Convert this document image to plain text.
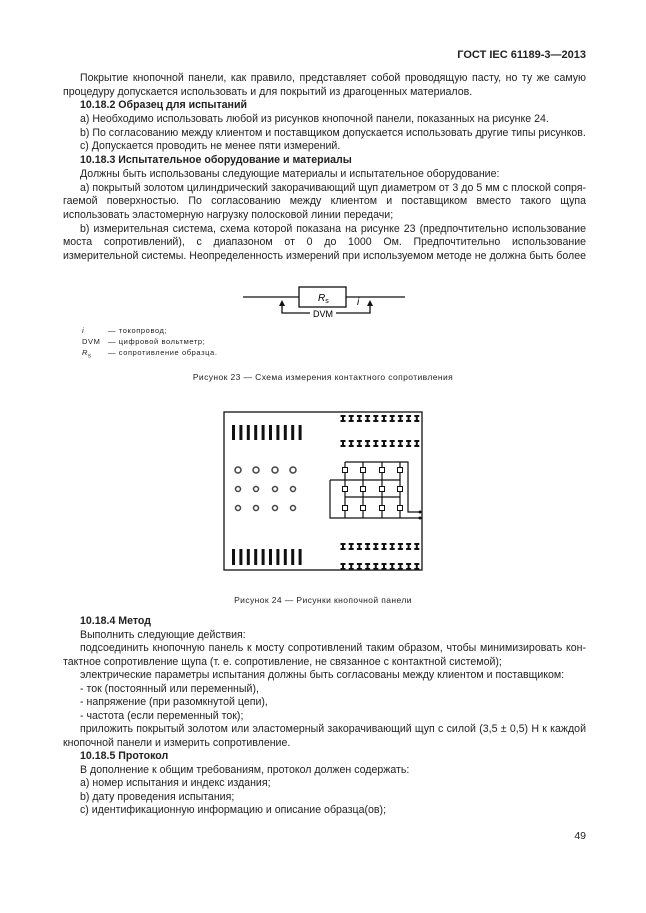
ГОСТ IEC 61189-3—2013
Покрытие кнопочной панели, как правило, представляет собой проводящую пасту, но ту же самую
процедуру допускается использовать и для покрытий из драгоценных материалов.
10.18.2 Образец для испытаний
a) Необходимо использовать любой из рисунков кнопочной панели, показанных на рисунке 24.
b) По согласованию между клиентом и поставщиком допускается использовать другие типы рисунков.
c) Допускается проводить не менее пяти измерений.
10.18.3 Испытательное оборудование и материалы
Должны быть использованы следующие материалы и испытательное оборудование:
a) покрытый золотом цилиндрический закорачивающий щуп диаметром от 3 до 5 мм с плоской сопря-
гаемой поверхностью. По согласованию между клиентом и поставщиком вместо такого щупа
использовать эластомерную нагрузку полосковой линии передачи;
b) измерительная система, схема которой показана на рисунке 23 (предпочтительно использование
моста сопротивлений), с диапазоном от 0 до 1000 Ом. Предпочтительно использование
измерительной системы. Неопределенность измерений при используемом методе не должна быть более
$R_s$	i
DVM
i	— токопровод;
DVM — цифровой вольтметр;
$R_s$ — сопротивление образца.
Рисунок 23 — Схема измерения контактного сопротивления
Рисунок 24 — Рисунки кнопочной панели
10.18.4 Метод
Выполнить следующие действия:
подсоединить кнопочную панель к мосту сопротивлений таким образом, чтобы минимизировать кон-
тактное сопротивление щупа (т. е. сопротивление, не связанное с контактной системой);
электрические параметры испытания должны быть согласованы между клиентом и поставщиком:
- ток (постоянный или переменный),
- напряжение (при разомкнутой цепи),
- частота (если переменный ток);
приложить покрытый золотом или эластомерный закорачивающий щуп с силой (3,5 ± 0,5) Н к каждой
кнопочной панели и измерить сопротивление.
10.18.5 Протокол
В дополнение к общим требованиям, протокол должен содержать:
a) номер испытания и индекс издания;
b) дату проведения испытания;
c) идентификационную информацию и описание образца(ов);
49
